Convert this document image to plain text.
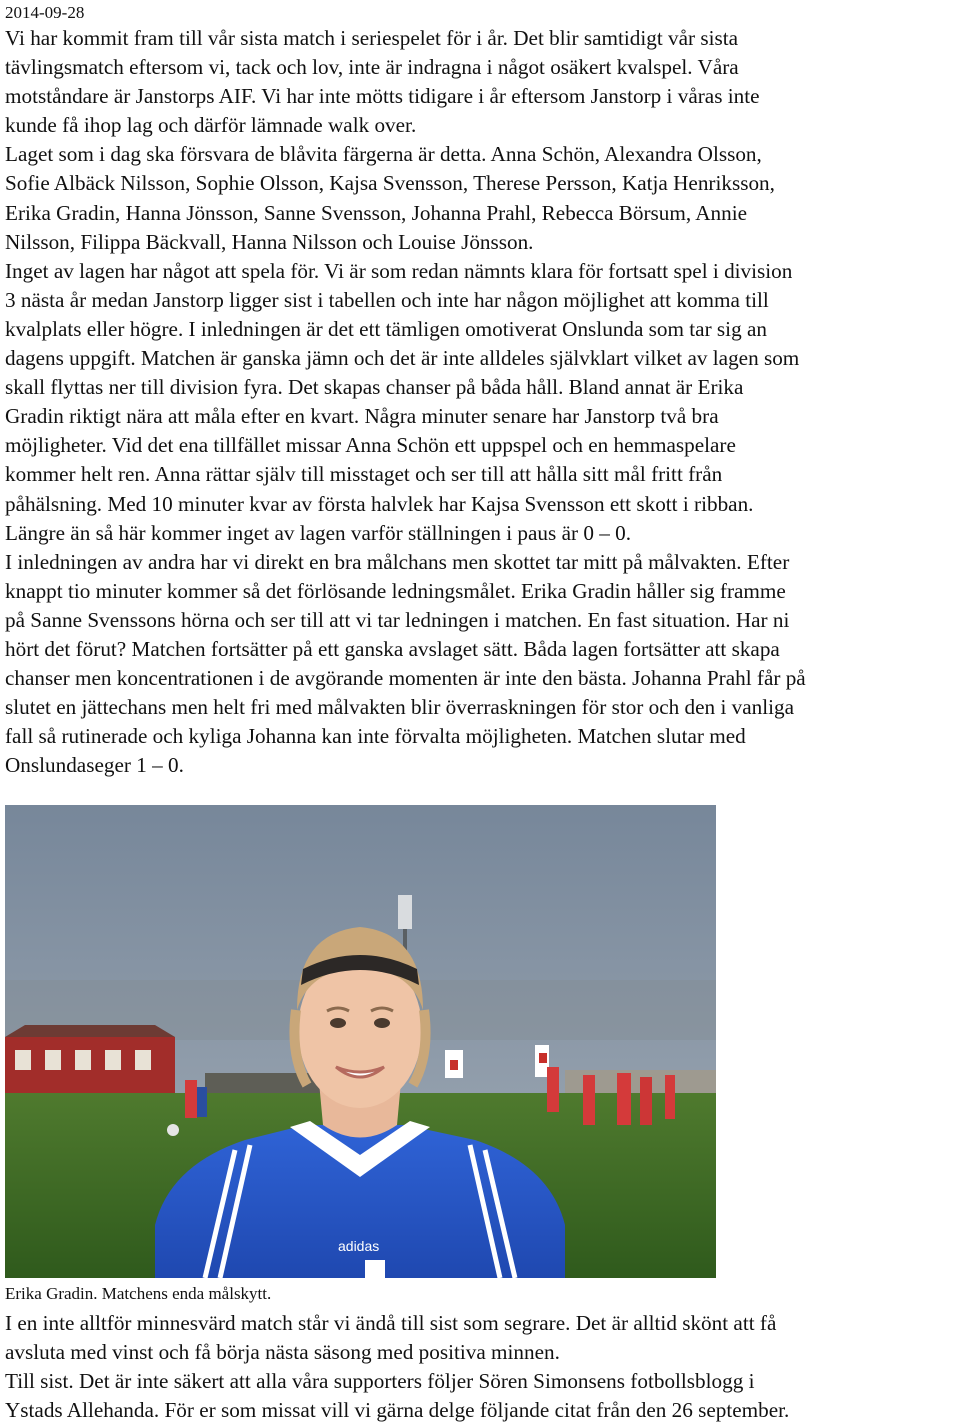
2014-09-28

Vi har kommit fram till vår sista match i seriespelet för i år. Det blir samtidigt vår sista
tävlingsmatch eftersom vi, tack och lov, inte är indragna i något osäkert kvalspel. Våra
motståndare är Janstorps AIF. Vi har inte mötts tidigare i år eftersom Janstorp i våras inte
kunde få ihop lag och därför lämnade walk over.
Laget som i dag ska försvara de blåvita färgerna är detta. Anna Schön, Alexandra Olsson,
Sofie Albäck Nilsson, Sophie Olsson, Kajsa Svensson, Therese Persson, Katja Henriksson,
Erika Gradin, Hanna Jönsson, Sanne Svensson, Johanna Prahl, Rebecca Börsum, Annie
Nilsson, Filippa Bäckvall, Hanna Nilsson och Louise Jönsson.
Inget av lagen har något att spela för. Vi är som redan nämnts klara för fortsatt spel i division
3 nästa år medan Janstorp ligger sist i tabellen och inte har någon möjlighet att komma till
kvalplats eller högre. I inledningen är det ett tämligen omotiverat Onslunda som tar sig an
dagens uppgift. Matchen är ganska jämn och det är inte alldeles självklart vilket av lagen som
skall flyttas ner till division fyra. Det skapas chanser på båda håll. Bland annat är Erika
Gradin riktigt nära att måla efter en kvart. Några minuter senare har Janstorp två bra
möjligheter. Vid det ena tillfället missar Anna Schön ett uppspel och en hemmaspelare
kommer helt ren. Anna rättar själv till misstaget och ser till att hålla sitt mål fritt från
påhälsning. Med 10 minuter kvar av första halvlek har Kajsa Svensson ett skott i ribban.
Längre än så här kommer inget av lagen varför ställningen i paus är 0 – 0.
I inledningen av andra har vi direkt en bra målchans men skottet tar mitt på målvakten. Efter
knappt tio minuter kommer så det förlösande ledningsmålet. Erika Gradin håller sig framme
på Sanne Svenssons hörna och ser till att vi tar ledningen i matchen. En fast situation. Har ni
hört det förut? Matchen fortsätter på ett ganska avslaget sätt. Båda lagen fortsätter att skapa
chanser men koncentrationen i de avgörande momenten är inte den bästa. Johanna Prahl får på
slutet en jättechans men helt fri med målvakten blir överraskningen för stor och den i vanliga
fall så rutinerade och kyliga Johanna kan inte förvalta möjligheten. Matchen slutar med
Onslundaseger 1 – 0.
adidas

Erika Gradin. Matchens enda målskytt.

I en inte alltför minnesvärd match står vi ändå till sist som segrare. Det är alltid skönt att få
avsluta med vinst och få börja nästa säsong med positiva minnen.
Till sist. Det är inte säkert att alla våra supporters följer Sören Simonsens fotbollsblogg i
Ystads Allehanda. För er som missat vill vi gärna delge följande citat från den 26 september.
